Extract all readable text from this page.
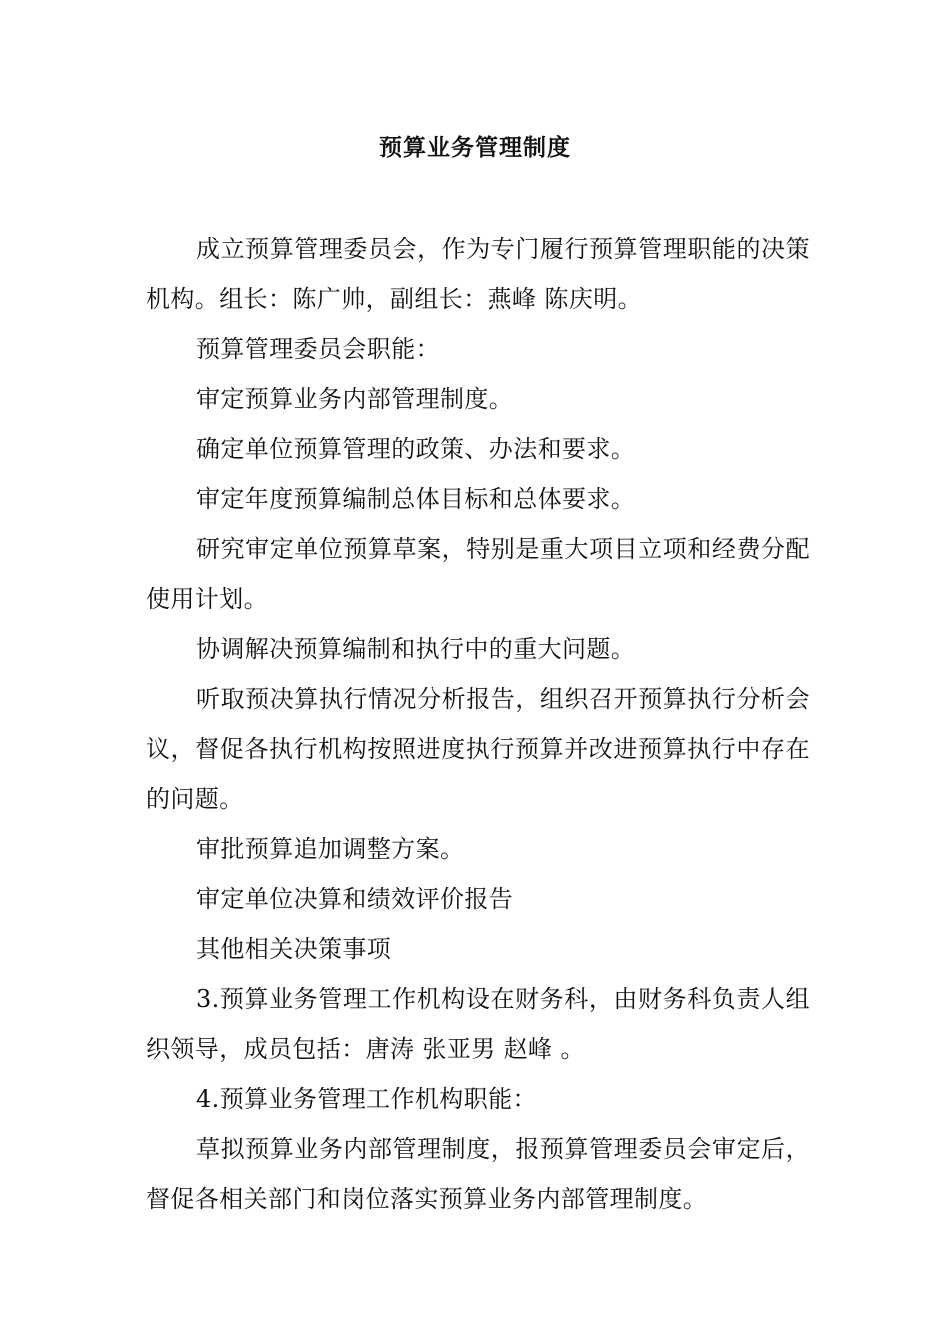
预算业务管理制度

成立预算管理委员会，作为专门履行预算管理职能的决策机构。组长：陈广帅，副组长：燕峰 陈庆明。

预算管理委员会职能：

审定预算业务内部管理制度。

确定单位预算管理的政策、办法和要求。

审定年度预算编制总体目标和总体要求。

研究审定单位预算草案，特别是重大项目立项和经费分配使用计划。

协调解决预算编制和执行中的重大问题。

听取预决算执行情况分析报告，组织召开预算执行分析会议，督促各执行机构按照进度执行预算并改进预算执行中存在的问题。

审批预算追加调整方案。

审定单位决算和绩效评价报告

其他相关决策事项

3.预算业务管理工作机构设在财务科，由财务科负责人组织领导，成员包括：唐涛 张亚男 赵峰 。

4.预算业务管理工作机构职能：

草拟预算业务内部管理制度，报预算管理委员会审定后，督促各相关部门和岗位落实预算业务内部管理制度。
